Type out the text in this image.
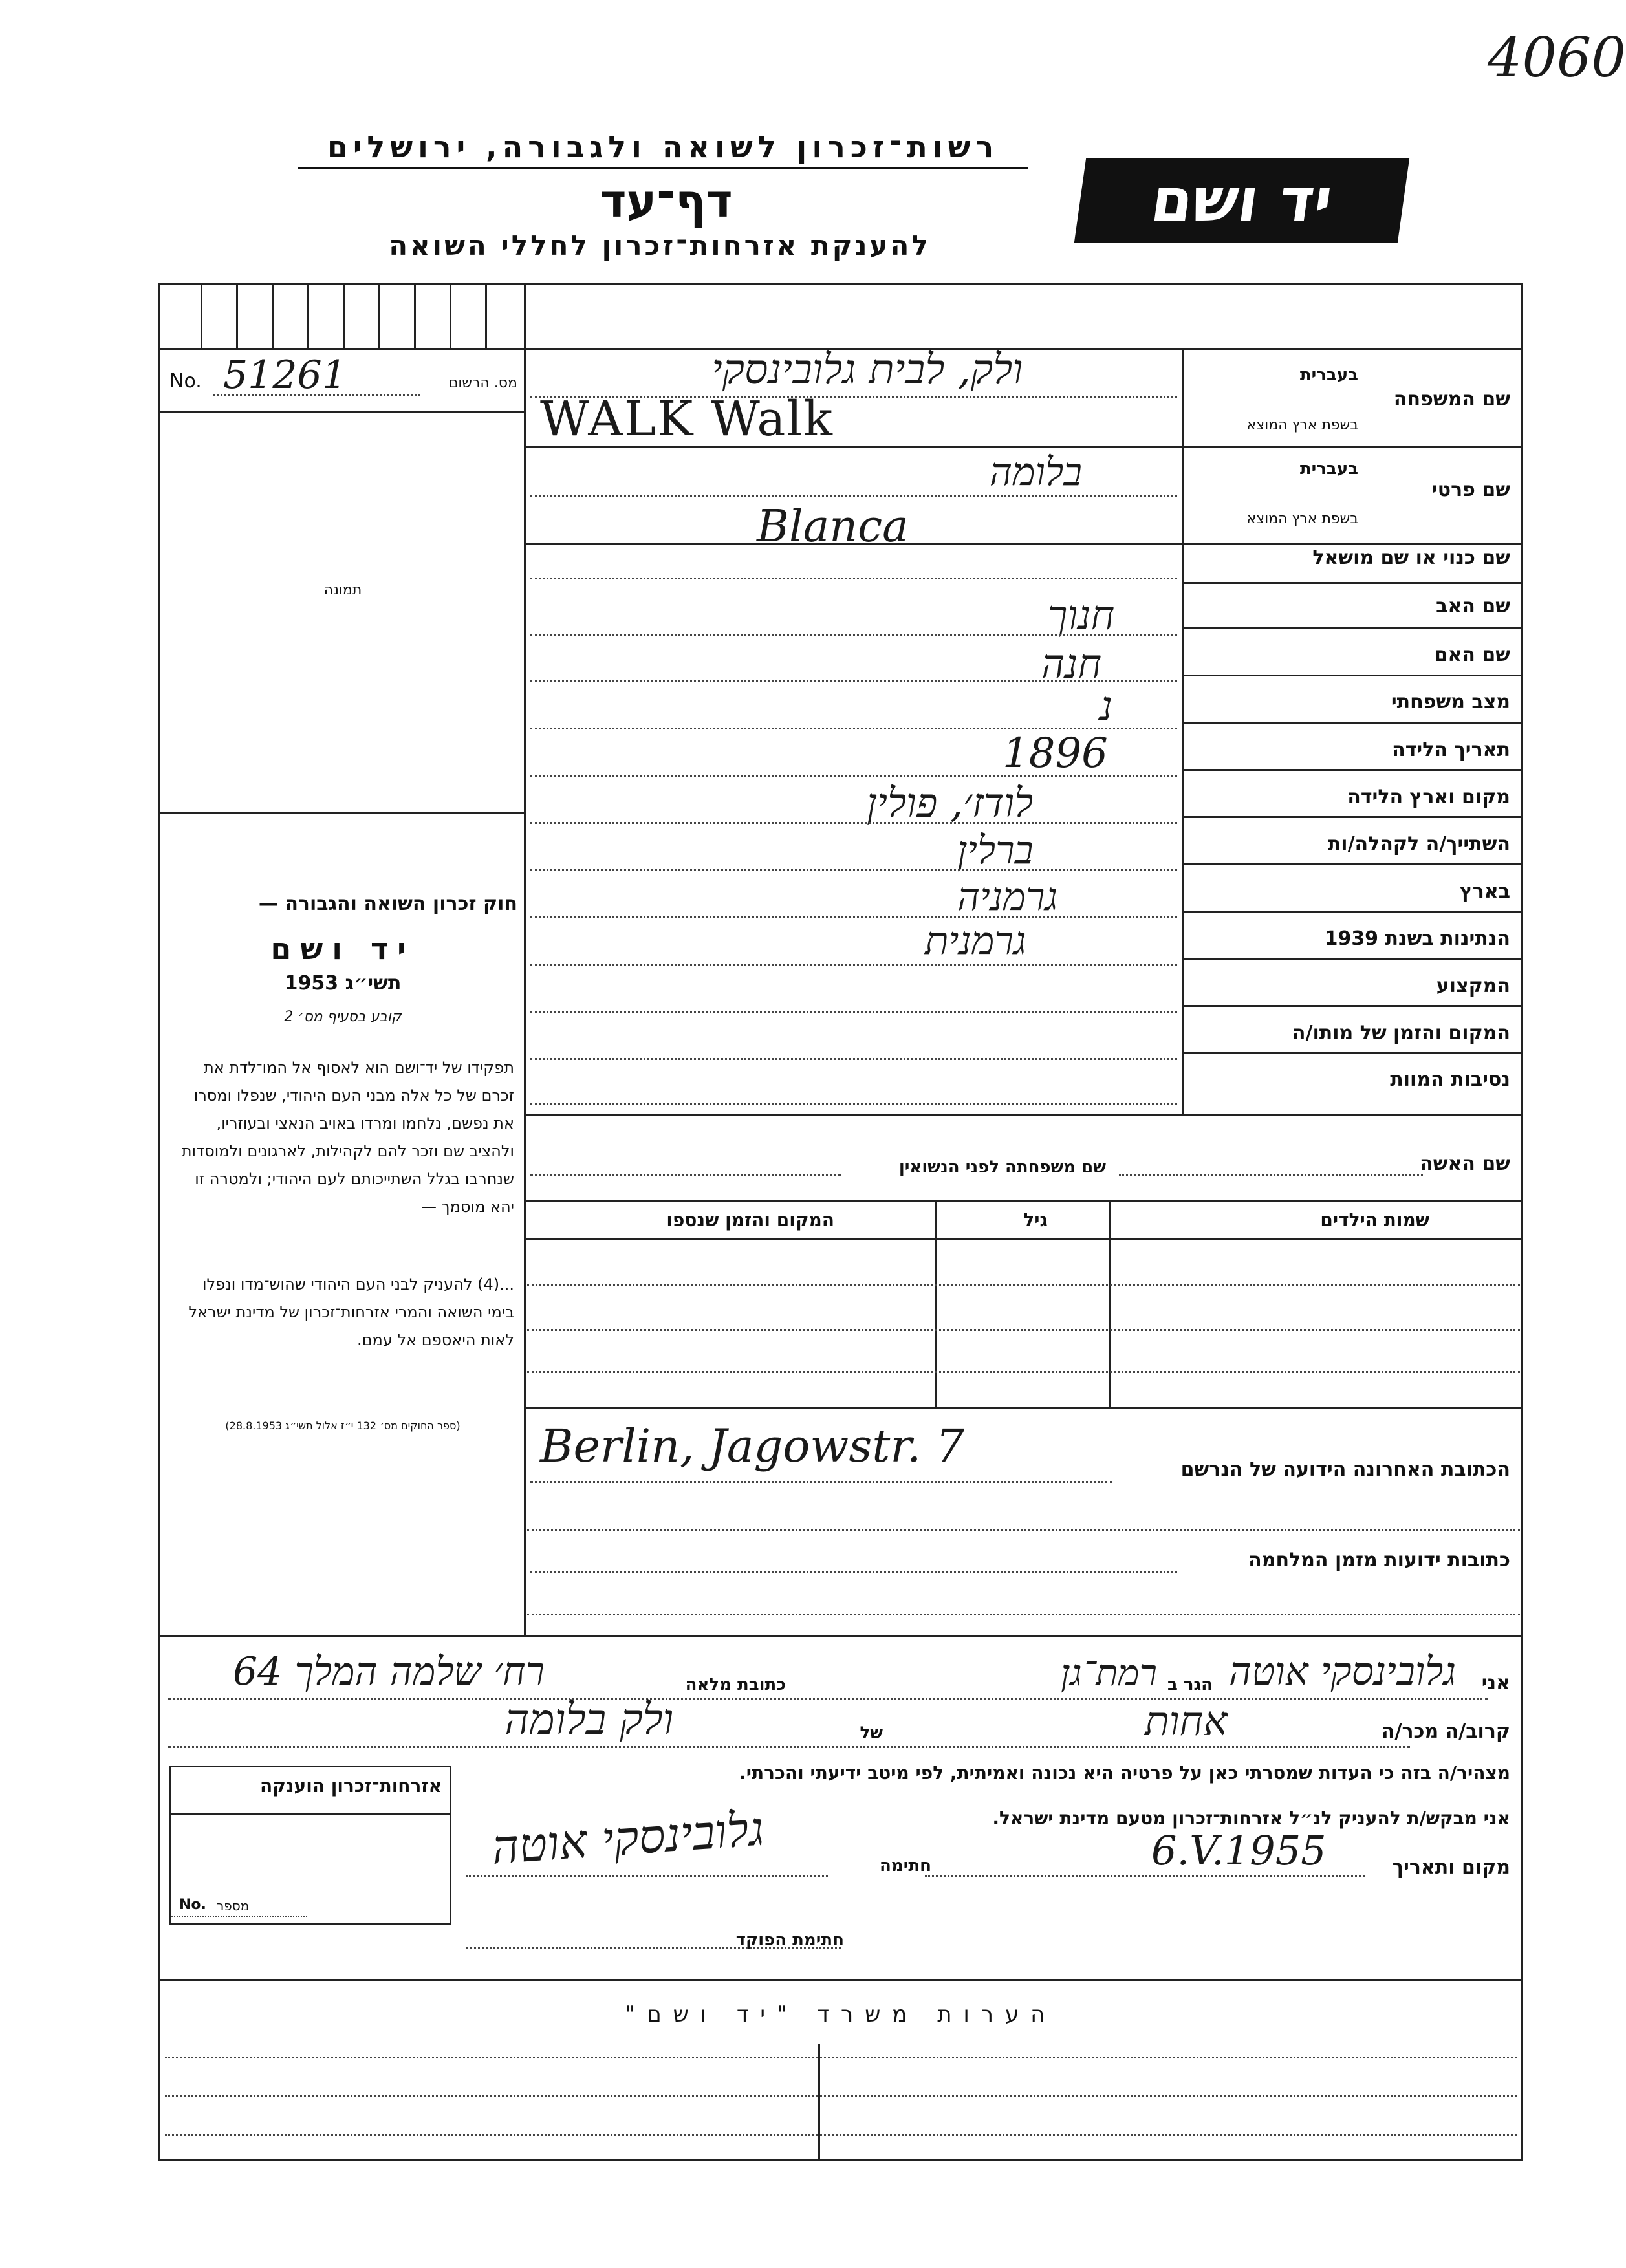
4060
רשות־זכרון לשואה ולגבורה, ירושלים
דף־עד
להענקת אזרחות־זכרון לחללי השואה
יד ושם
No. 51261	מס. הרשום
תמונה
חוק זכרון השואה והגבורה —
יד ושם
תשי״ג 1953
קובע בסעיף מס׳ 2
תפקידו של יד־ושם הוא לאסוף אל המו־לדת את זכרם של כל אלה מבני העם היהודי, שנפלו ומסרו את נפשם, נלחמו ומרדו באויב הנאצי ובעוזריו, ולהציב שם וזכר להם לקהילות, לארגונים ולמוסדות שנחרבו בגלל השתייכותם לעם היהודי; ולמטרה זו יהא מוסמך —
...(4) להעניק לבני העם היהודי שהוש־מדו ונפלו בימי השואה והמרי אזרחות־זכרון של מדינת ישראל לאות היאספם אל עמם.
(ספר החוקים מס׳ 132 י״ז אלול תשי״ג 28.8.1953)
שם המשפחה
בעברית
בשפת ארץ המוצא
ולק, לבית גלובינסקי
WALK Walk
שם פרטי
בעברית
בשפת ארץ המוצא
בלומה
Blanca
שם כנוי או שם מושאל
שם האב
חנוך
שם האם
חנה
מצב משפחתי
נ
תאריך הלידה
1896
מקום וארץ הלידה
לודז׳, פולין
השתייך/ה לקהלה/ות
ברלין
בארץ
גרמניה
הנתינות בשנת 1939
גרמנית
המקצוע
המקום והזמן של מותו/ה
נסיבות המוות
שם האשה
שם משפחתה לפני הנשואין
שמות הילדים
גיל
המקום והזמן שנספו
Berlin, Jagowstr. 7	הכתובת האחרונה הידועה של הנרשם
כתובות ידועות מזמן המלחמה
אני
גלובינסקי אוטה
הגר ב
רמת־גן
כתובת מלאה
רח׳ שלמה המלך 64
קרוב/ה מכר/ה
אחות
של
ולק בלומה
מצהיר/ה בזה כי העדות שמסרתי כאן על פרטיה היא נכונה ואמיתית, לפי מיטב ידיעתי והכרתי.
אני מבקש/ת להעניק לנ״ל אזרחות־זכרון מטעם מדינת ישראל.
מקום ותאריך
6.V.1955
חתימה
גלובינסקי אוטה
חתימת הפוקד
אזרחות־זכרון הוענקה
No. מספר
הערות משרד "יד ושם"
